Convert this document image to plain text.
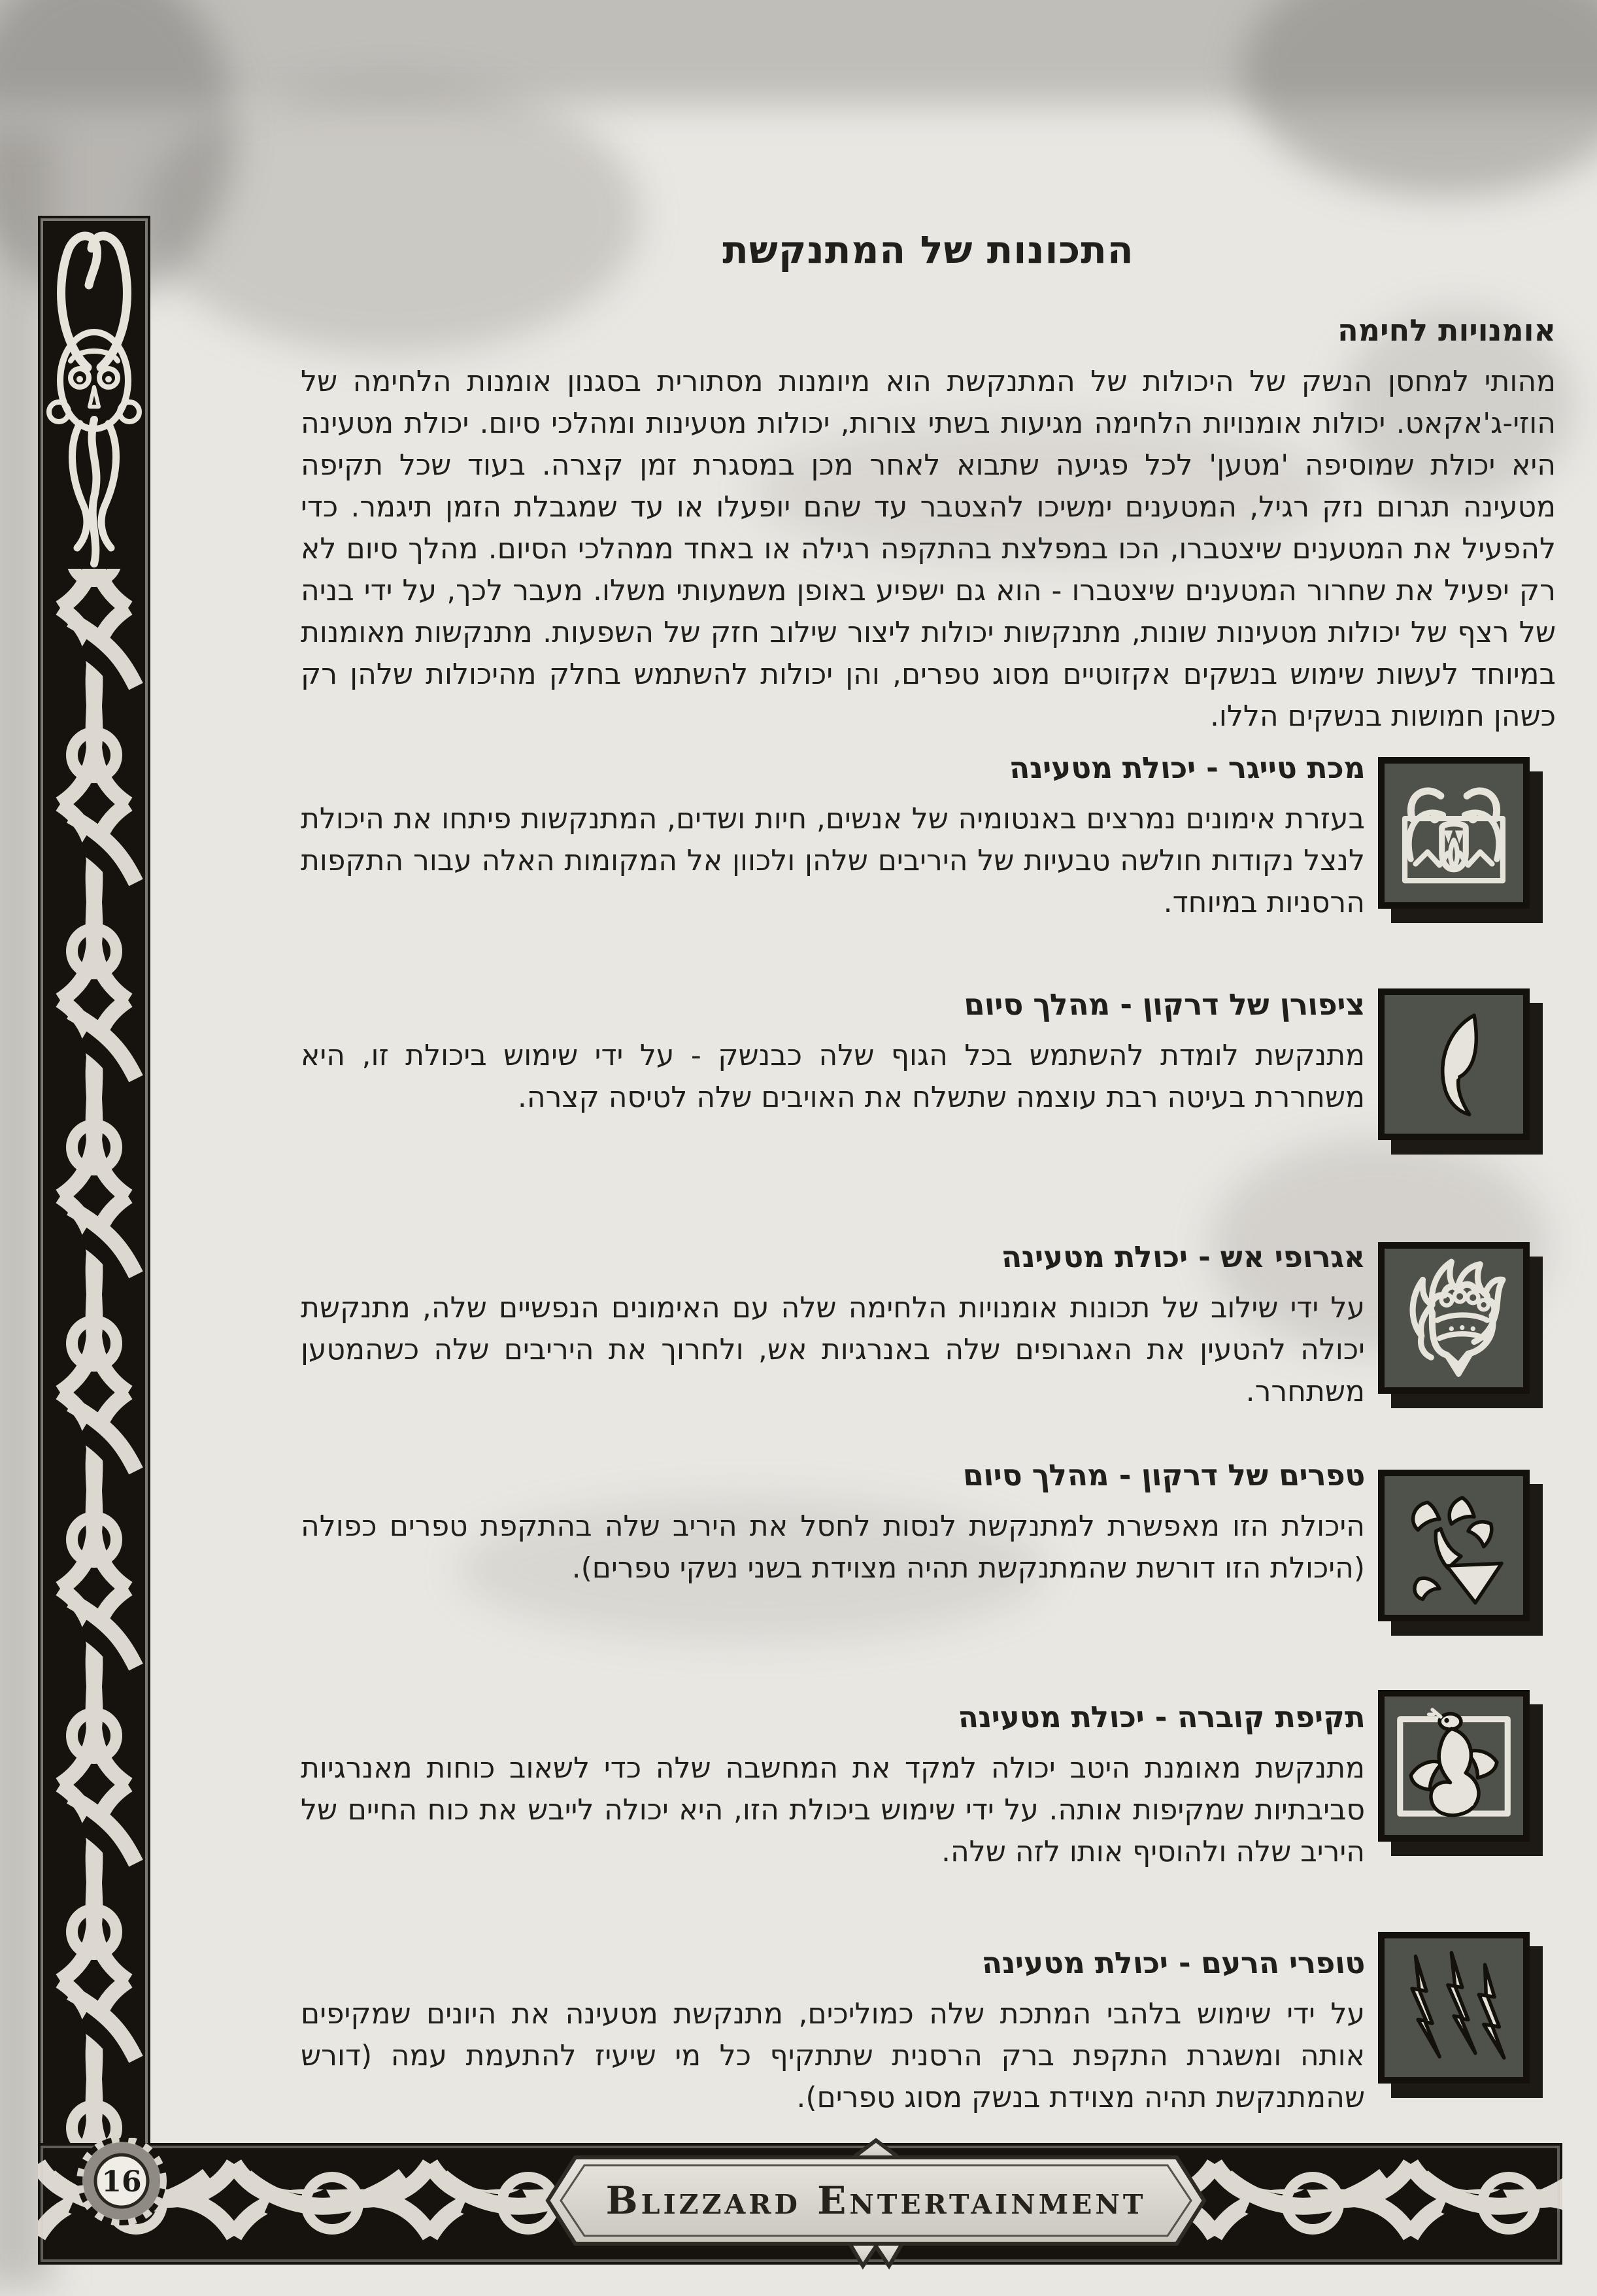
התכונות של המתנקשת
אומנויות לחימה
מהותי למחסן הנשק של היכולות של המתנקשת הוא מיומנות מסתורית בסגנון אומנות הלחימה של הוזי-ג'אקאט. יכולות אומנויות הלחימה מגיעות בשתי צורות, יכולות מטעינות ומהלכי סיום. יכולת מטעינה היא יכולת שמוסיפה 'מטען' לכל פגיעה שתבוא לאחר מכן במסגרת זמן קצרה. בעוד שכל תקיפה מטעינה תגרום נזק רגיל, המטענים ימשיכו להצטבר עד שהם יופעלו או עד שמגבלת הזמן תיגמר. כדי להפעיל את המטענים שיצטברו, הכו במפלצת בהתקפה רגילה או באחד ממהלכי הסיום. מהלך סיום לא רק יפעיל את שחרור המטענים שיצטברו - הוא גם ישפיע באופן משמעותי משלו. מעבר לכך, על ידי בניה של רצף של יכולות מטעינות שונות, מתנקשות יכולות ליצור שילוב חזק של השפעות. מתנקשות מאומנות במיוחד לעשות שימוש בנשקים אקזוטיים מסוג טפרים, והן יכולות להשתמש בחלק מהיכולות שלהן רק כשהן חמושות בנשקים הללו.
מכת טייגר - יכולת מטעינה

בעזרת אימונים נמרצים באנטומיה של אנשים, חיות ושדים, המתנקשות פיתחו את היכולת לנצל נקודות חולשה טבעיות של היריבים שלהן ולכוון אל המקומות האלה עבור התקפות הרסניות במיוחד.

ציפורן של דרקון - מהלך סיום

מתנקשת לומדת להשתמש בכל הגוף שלה כבנשק - על ידי שימוש ביכולת זו, היא משחררת בעיטה רבת עוצמה שתשלח את האויבים שלה לטיסה קצרה.

אגרופי אש - יכולת מטעינה

על ידי שילוב של תכונות אומנויות הלחימה שלה עם האימונים הנפשיים שלה, מתנקשת יכולה להטעין את האגרופים שלה באנרגיות אש, ולחרוך את היריבים שלה כשהמטען משתחרר.

טפרים של דרקון - מהלך סיום

היכולת הזו מאפשרת למתנקשת לנסות לחסל את היריב שלה בהתקפת טפרים כפולה (היכולת הזו דורשת שהמתנקשת תהיה מצוידת בשני נשקי טפרים).

תקיפת קוברה - יכולת מטעינה

מתנקשת מאומנת היטב יכולה למקד את המחשבה שלה כדי לשאוב כוחות מאנרגיות סביבתיות שמקיפות אותה. על ידי שימוש ביכולת הזו, היא יכולה לייבש את כוח החיים של היריב שלה ולהוסיף אותו לזה שלה.

טופרי הרעם - יכולת מטעינה

על ידי שימוש בלהבי המתכת שלה כמוליכים, מתנקשת מטעינה את היונים שמקיפים אותה ומשגרת התקפת ברק הרסנית שתתקיף כל מי שיעיז להתעמת עמה (דורש שהמתנקשת תהיה מצוידת בנשק מסוג טפרים).

Blizzard Entertainment
16
